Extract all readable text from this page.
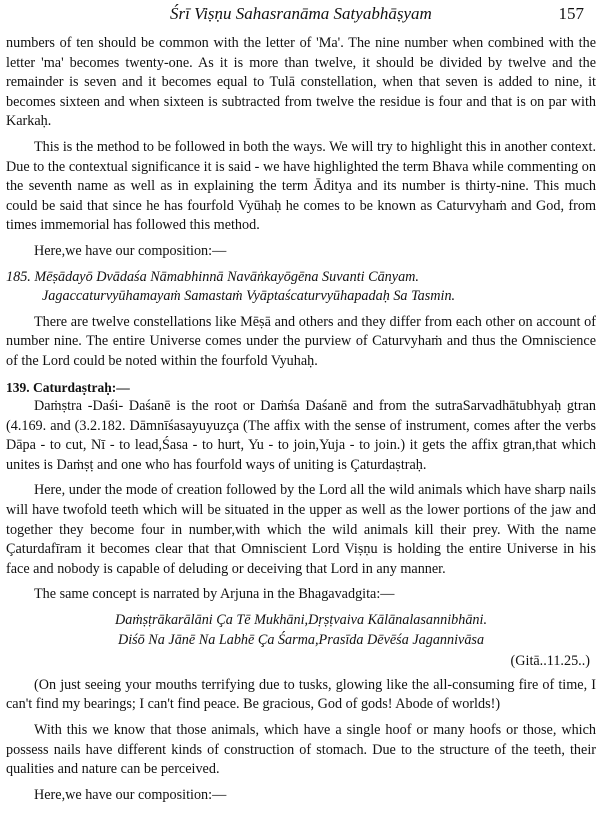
Śrī Viṣṇu Sahasranāma Satyabhāṣyam	157

numbers of ten should be common with the letter of 'Ma'. The nine number when combined with the letter 'ma' becomes twenty-one. As it is more than twelve, it should be divided by twelve and the remainder is seven and it becomes equal to Tulā constellation, when that seven is added to nine, it becomes sixteen and when sixteen is subtracted from twelve the residue is four and that is on par with Karkaḥ.

This is the method to be followed in both the ways. We will try to highlight this in another context. Due to the contextual significance it is said - we have highlighted the term Bhava while commenting on the seventh name as well as in explaining the term Āditya and its number is thirty-nine. This much could be said that since he has fourfold Vyūhaḥ he comes to be known as Caturvyhaṁ and God, from times immemorial has followed this method.

Here,we have our composition:—

185. Mēṣādayō Dvādaśa Nāmabhinnā Navāṅkayōgēna Suvanti Cānyam.
Jagaccaturvyūhamayaṁ Samastaṁ Vyāptaścaturvyūhapadaḥ Sa Tasmin.

There are twelve constellations like Mēṣā and others and they differ from each other on account of number nine. The entire Universe comes under the purview of Caturvyhaṁ and thus the Omniscience of the Lord could be noted within the fourfold Vyuhaḥ.

139. Caturdaṣtraḥ:—

Daṁṣtra -Daśi- Daśanē is the root or Daṁśa Daśanē and from the sutraSarvadhātubhyaḥ gtran (4.169. and (3.2.182. Dāmnīśasayuyuzça (The affix with the sense of instrument, comes after the verbs Dāpa - to cut, Nī - to lead,Śasa - to hurt, Yu - to join,Yuja - to join.) it gets the affix gtran,that which unites is Daṁṣṭ and one who has fourfold ways of uniting is Çaturdaṣtraḥ.

Here, under the mode of creation followed by the Lord all the wild animals which have sharp nails will have twofold teeth which will be situated in the upper as well as the lower portions of the jaw and together they become four in number,with which the wild animals kill their prey. With the name Çaturdafīram it becomes clear that that Omniscient Lord Viṣṇu is holding the entire Universe in his face and nobody is capable of deluding or deceiving that Lord in any manner.

The same concept is narrated by Arjuna in the Bhagavadgita:—

Daṁṣṭrākarālāni Ça Tē Mukhāni,Dṛṣṭvaiva Kālānalasannibhāni.
Diśō Na Jānē Na Labhē Ça Śarma,Prasīda Dēvēśa Jagannivāsa
(Gitā..11.25..)

(On just seeing your mouths terrifying due to tusks, glowing like the all-consuming fire of time, I can't find my bearings; I can't find peace. Be gracious, God of gods! Abode of worlds!)

With this we know that those animals, which have a single hoof or many hoofs or those, which possess nails have different kinds of construction of stomach. Due to the structure of the teeth, their qualities and nature can be perceived.

Here,we have our composition:—
